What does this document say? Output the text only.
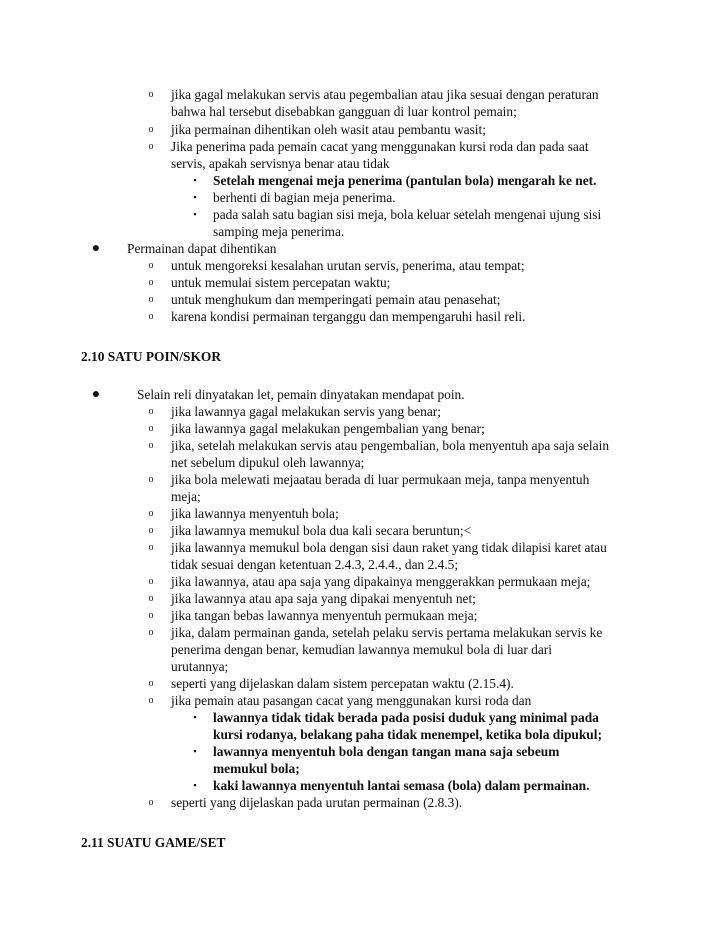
o jika gagal melakukan servis atau pegembalian atau jika sesuai dengan peraturan
bahwa hal tersebut disebabkan gangguan di luar kontrol pemain;
o jika permainan dihentikan oleh wasit atau pembantu wasit;
o Jika penerima pada pemain cacat yang menggunakan kursi roda dan pada saat
servis, apakah servisnya benar atau tidak
▪ Setelah mengenai meja penerima (pantulan bola) mengarah ke net.
▪ berhenti di bagian meja penerima.
▪ pada salah satu bagian sisi meja, bola keluar setelah mengenai ujung sisi
samping meja penerima.
● Permainan dapat dihentikan
o untuk mengoreksi kesalahan urutan servis, penerima, atau tempat;
o untuk memulai sistem percepatan waktu;
o untuk menghukum dan memperingati pemain atau penasehat;
o karena kondisi permainan terganggu dan mempengaruhi hasil reli.
2.10 SATU POIN/SKOR
●	Selain reli dinyatakan let, pemain dinyatakan mendapat poin.
o jika lawannya gagal melakukan servis yang benar;
o jika lawannya gagal melakukan pengembalian yang benar;
o jika, setelah melakukan servis atau pengembalian, bola menyentuh apa saja selain
net sebelum dipukul oleh lawannya;
o jika bola melewati mejaatau berada di luar permukaan meja, tanpa menyentuh
meja;
o jika lawannya menyentuh bola;
o jika lawannya memukul bola dua kali secara beruntun;<
o jika lawannya memukul bola dengan sisi daun raket yang tidak dilapisi karet atau
tidak sesuai dengan ketentuan 2.4.3, 2.4.4., dan 2.4.5;
o jika lawannya, atau apa saja yang dipakainya menggerakkan permukaan meja;
o jika lawannya atau apa saja yang dipakai menyentuh net;
o jika tangan bebas lawannya menyentuh permukaan meja;
o jika, dalam permainan ganda, setelah pelaku servis pertama melakukan servis ke
penerima dengan benar, kemudian lawannya memukul bola di luar dari
urutannya;
o seperti yang dijelaskan dalam sistem percepatan waktu (2.15.4).
o jika pemain atau pasangan cacat yang menggunakan kursi roda dan
▪ lawannya tidak tidak berada pada posisi duduk yang minimal pada
kursi rodanya, belakang paha tidak menempel, ketika bola dipukul;
▪ lawannya menyentuh bola dengan tangan mana saja sebeum
memukul bola;
▪ kaki lawannya menyentuh lantai semasa (bola) dalam permainan.
o seperti yang dijelaskan pada urutan permainan (2.8.3).
2.11 SUATU GAME/SET
